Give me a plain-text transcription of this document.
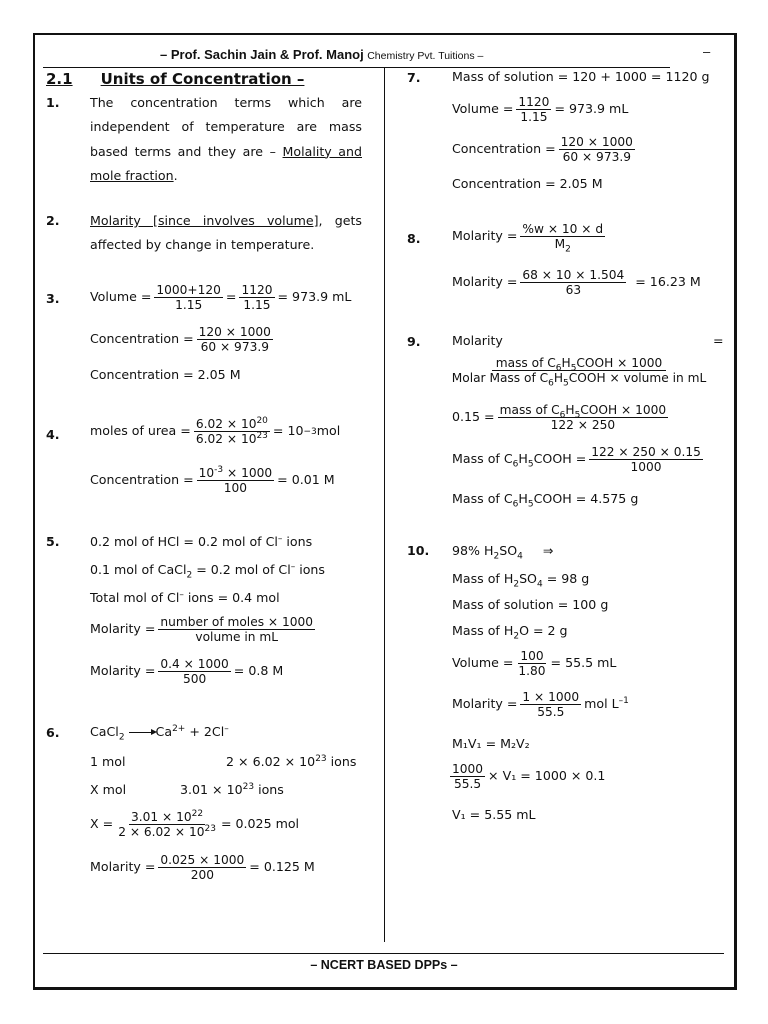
– Prof. Sachin Jain & Prof. Manoj Chemistry Pvt. Tuitions –	–
– NCERT BASED DPPs –
2.1 Units of Concentration –
1. The concentration terms which are independent of temperature are mass based terms and they are – Molality and mole fraction.
2. Molarity [since involves volume], gets affected by change in temperature.
3. Volume = $\frac{1000+120}{1.15} = \frac{1120}{1.15} = 973.9$ mL
Concentration = $\frac{120 \times 1000}{60 \times 973.9}$
Concentration = 2.05 M
4. moles of urea = $\frac{6.02 \times 10^{20}}{6.02 \times 10^{23}} = 10 -3$ mol
Concentration = $\frac{10^{-3} \times 1000}{100} = 0.01$ M
5. 0.2 mol of HCl = 0.2 mol of Cl– ions
0.1 mol of CaCl$_2$ = 0.2 mol of Cl– ions
Total mol of Cl– ions = 0.4 mol
Molarity = $\frac{\text{number of moles × 1000}}{\text{volume in mL}}$
Molarity = $\frac{0.4 \times 1000}{500} = 0.8$ M
6. CaCl$_2$ $\to Ca^{2+} + 2Cl^-$
1 mol	$2 \times 6.02 \times 10^{23}$ ions
X mol	$3.01 \times 10^{23}$ ions
$X = \frac{3.01 \times 10^{22}}{2 \times 6.02 \times 10^{23}} = 0.025$ mol
Molarity = $\frac{0.025 \times 1000}{200} = 0.125$ M
7. Mass of solution = 120 + 1000 = 1120 g
Volume = $\frac{1120}{1.15} = 973.9$ mL
Concentration = $\frac{120 \times 1000}{60 \times 973.9}$
Concentration = 2.05 M
8. Molarity = $\frac{\%w \times 10 \times d}{M_2}$
Molarity = $\frac{68 \times 10 \times 1.504}{63} = 16.23$ M
9. Molarity	=
$\frac{mass of C_6H_5COOH \times 1000}{Molar Mass of C_6H_5COOH \times volume in mL}$
$0.15 = \frac{mass of C_6H_5COOH \times 1000}{122 \times 250}$
Mass of $C_6H_5COOH = \frac{122 \times 250 \times 0.15}{1000}$
Mass of $C_6H_5COOH = 4.575$ g
10. 98% $H_2SO_4$ ⇒
Mass of $H_2SO_4 = 98$ g
Mass of solution = 100 g
Mass of $H_2O = 2$ g
Volume = $\frac{100}{1.80} = 55.5$ mL
Molarity = $\frac{1 \times 1000}{55.5}$ mol $L^{-1}$
M₁V₁ = M₂V₂
$\frac{1000}{55.5} \times V_1 = 1000 \times 0.1$
V₁ = 5.55 mL
